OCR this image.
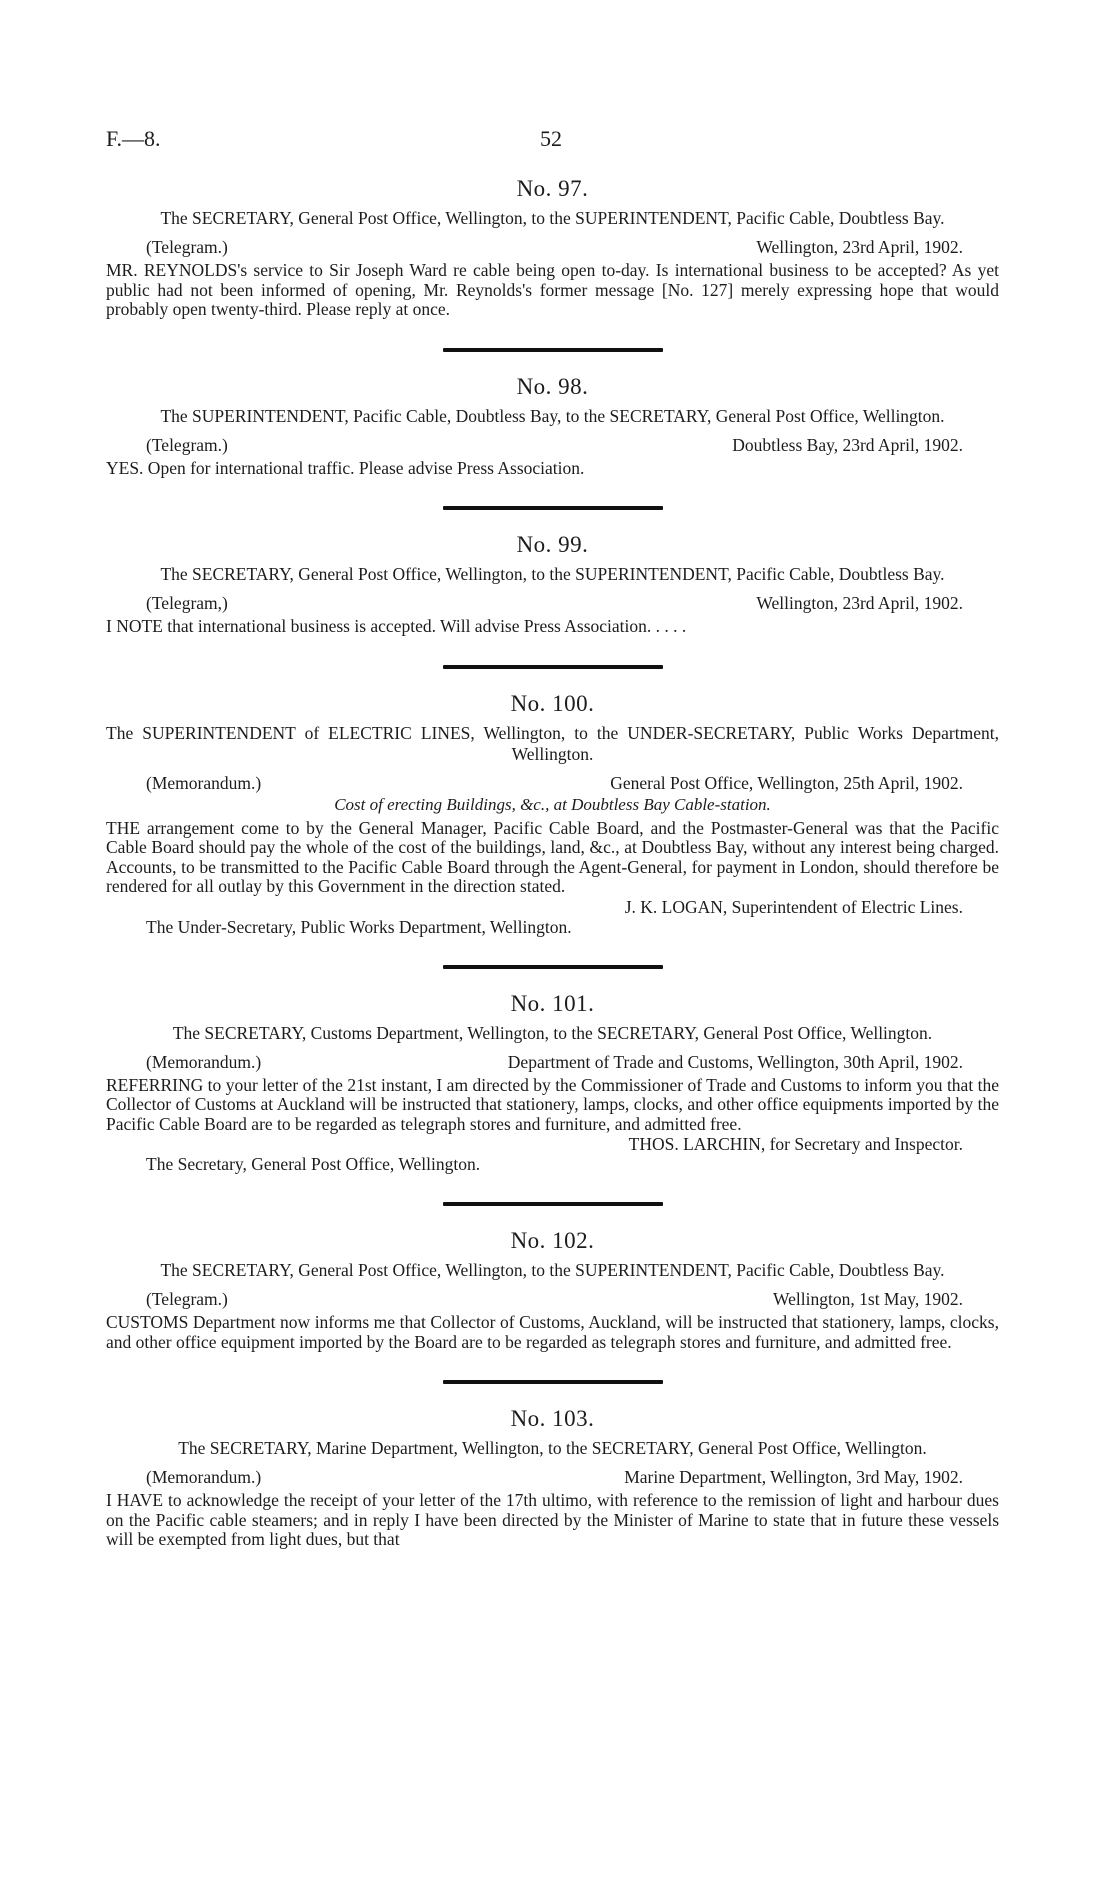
F.—8.	52

No. 97.

The SECRETARY, General Post Office, Wellington, to the SUPERINTENDENT, Pacific Cable, Doubtless Bay.

(Telegram.)	Wellington, 23rd April, 1902.

MR. REYNOLDS's service to Sir Joseph Ward re cable being open to-day. Is international business to be accepted? As yet public had not been informed of opening, Mr. Reynolds's former message [No. 127] merely expressing hope that would probably open twenty-third. Please reply at once.

No. 98.

The SUPERINTENDENT, Pacific Cable, Doubtless Bay, to the SECRETARY, General Post Office, Wellington.

(Telegram.)	Doubtless Bay, 23rd April, 1902.

YES. Open for international traffic. Please advise Press Association.

No. 99.

The SECRETARY, General Post Office, Wellington, to the SUPERINTENDENT, Pacific Cable, Doubtless Bay.

(Telegram,)	Wellington, 23rd April, 1902.

I NOTE that international business is accepted. Will advise Press Association. . . . .

No. 100.

The SUPERINTENDENT of ELECTRIC LINES, Wellington, to the UNDER-SECRETARY, Public Works Department, Wellington.

(Memorandum.)	General Post Office, Wellington, 25th April, 1902.

Cost of erecting Buildings, &c., at Doubtless Bay Cable-station.

THE arrangement come to by the General Manager, Pacific Cable Board, and the Postmaster-General was that the Pacific Cable Board should pay the whole of the cost of the buildings, land, &c., at Doubtless Bay, without any interest being charged. Accounts, to be transmitted to the Pacific Cable Board through the Agent-General, for payment in London, should therefore be rendered for all outlay by this Government in the direction stated.

J. K. LOGAN, Superintendent of Electric Lines.

The Under-Secretary, Public Works Department, Wellington.

No. 101.

The SECRETARY, Customs Department, Wellington, to the SECRETARY, General Post Office, Wellington.

(Memorandum.)	Department of Trade and Customs, Wellington, 30th April, 1902.

REFERRING to your letter of the 21st instant, I am directed by the Commissioner of Trade and Customs to inform you that the Collector of Customs at Auckland will be instructed that stationery, lamps, clocks, and other office equipments imported by the Pacific Cable Board are to be regarded as telegraph stores and furniture, and admitted free.

THOS. LARCHIN, for Secretary and Inspector.

The Secretary, General Post Office, Wellington.

No. 102.

The SECRETARY, General Post Office, Wellington, to the SUPERINTENDENT, Pacific Cable, Doubtless Bay.

(Telegram.)	Wellington, 1st May, 1902.

CUSTOMS Department now informs me that Collector of Customs, Auckland, will be instructed that stationery, lamps, clocks, and other office equipment imported by the Board are to be regarded as telegraph stores and furniture, and admitted free.

No. 103.

The SECRETARY, Marine Department, Wellington, to the SECRETARY, General Post Office, Wellington.

(Memorandum.)	Marine Department, Wellington, 3rd May, 1902.

I HAVE to acknowledge the receipt of your letter of the 17th ultimo, with reference to the remission of light and harbour dues on the Pacific cable steamers; and in reply I have been directed by the Minister of Marine to state that in future these vessels will be exempted from light dues, but that
